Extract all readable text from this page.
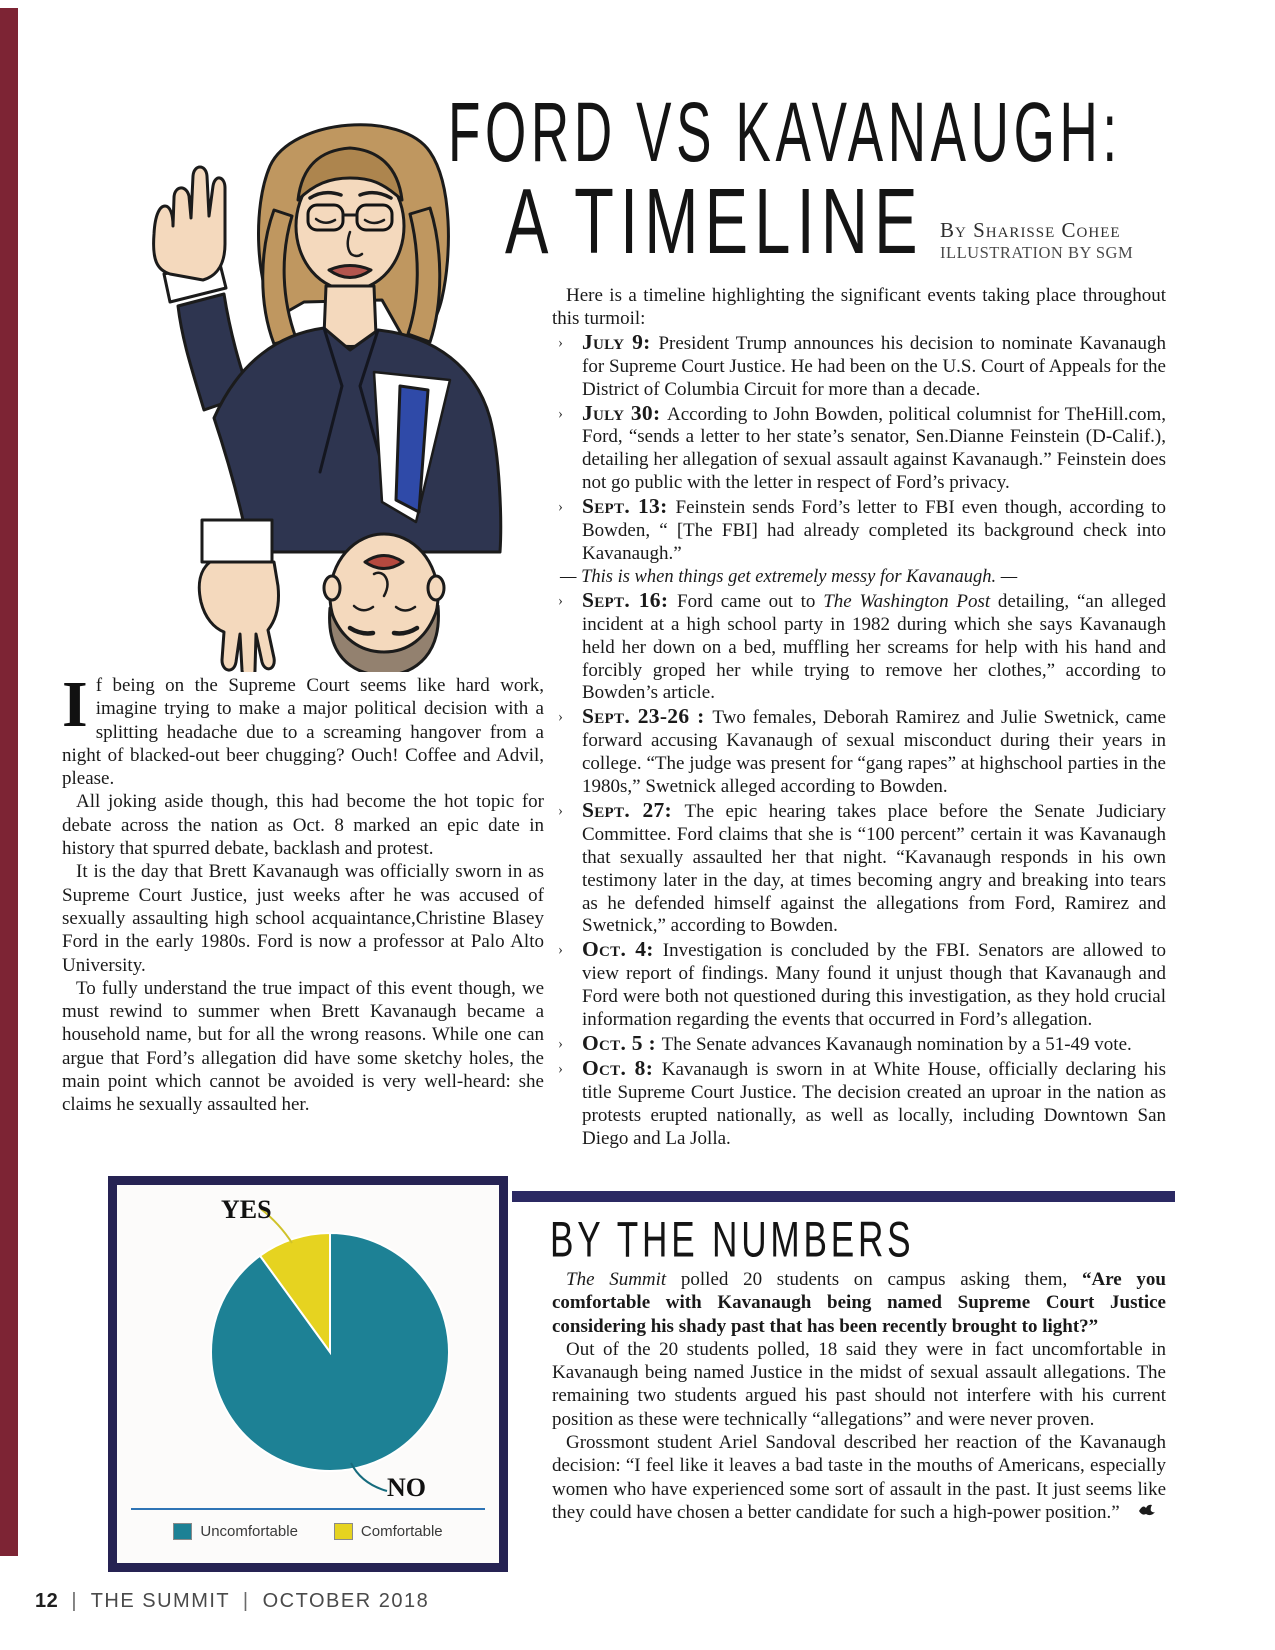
FORD VS KAVANAUGH:
A TIMELINE By Sharisse Cohee
ILLUSTRATION BY SGM

Here is a timeline highlighting the significant events taking place throughout this turmoil:

› July 9: President Trump announces his decision to nominate Kavanaugh for Supreme Court Justice. He had been on the U.S. Court of Appeals for the District of Columbia Circuit for more than a decade.
› July 30: According to John Bowden, political columnist for TheHill.com, Ford, “sends a letter to her state’s senator, Sen.Dianne Feinstein (D-Calif.), detailing her allegation of sexual assault against Kavanaugh.” Feinstein does not go public with the letter in respect of Ford’s privacy.
› Sept. 13: Feinstein sends Ford’s letter to FBI even though, according to Bowden, “ [The FBI] had already completed its background check into Kavanaugh.”

— This is when things get extremely messy for Kavanaugh. —

› Sept. 16: Ford came out to The Washington Post detailing, “an alleged incident at a high school party in 1982 during which she says Kavanaugh held her down on a bed, muffling her screams for help with his hand and forcibly groped her while trying to remove her clothes,” according to Bowden’s article.
› Sept. 23-26 : Two females, Deborah Ramirez and Julie Swetnick, came forward accusing Kavanaugh of sexual misconduct during their years in college. “The judge was present for “gang rapes” at highschool parties in the 1980s,” Swetnick alleged according to Bowden.
› Sept. 27: The epic hearing takes place before the Senate Judiciary Committee. Ford claims that she is “100 percent” certain it was Kavanaugh that sexually assaulted her that night. “Kavanaugh responds in his own testimony later in the day, at times becoming angry and breaking into tears as he defended himself against the allegations from Ford, Ramirez and Swetnick,” according to Bowden.
› Oct. 4: Investigation is concluded by the FBI. Senators are allowed to view report of findings. Many found it unjust though that Kavanaugh and Ford were both not questioned during this investigation, as they hold crucial information regarding the events that occurred in Ford’s allegation.
› Oct. 5 : The Senate advances Kavanaugh nomination by a 51-49 vote.
› Oct. 8: Kavanaugh is sworn in at White House, officially declaring his title Supreme Court Justice. The decision created an uproar in the nation as protests erupted nationally, as well as locally, including Downtown San Diego and La Jolla.

If being on the Supreme Court seems like hard work, imagine trying to make a major political decision with a splitting headache due to a screaming hangover from a night of blacked-out beer chugging? Ouch! Coffee and Advil, please.

All joking aside though, this had become the hot topic for debate across the nation as Oct. 8 marked an epic date in history that spurred debate, backlash and protest.

It is the day that Brett Kavanaugh was officially sworn in as Supreme Court Justice, just weeks after he was accused of sexually assaulting high school acquaintance,Christine Blasey Ford in the early 1980s. Ford is now a professor at Palo Alto University.

To fully understand the true impact of this event though, we must rewind to summer when Brett Kavanaugh became a household name, but for all the wrong reasons. While one can argue that Ford’s allegation did have some sketchy holes, the main point which cannot be avoided is very well-heard: she claims he sexually assaulted her.

YES
NO
Uncomfortable	Comfortable
BY THE NUMBERS

The Summit polled 20 students on campus asking them, “Are you comfortable with Kavanaugh being named Supreme Court Justice considering his shady past that has been recently brought to light?”

Out of the 20 students polled, 18 said they were in fact uncomfortable in Kavanaugh being named Justice in the midst of sexual assault allegations. The remaining two students argued his past should not interfere with his current position as these were technically “allegations” and were never proven.

Grossmont student Ariel Sandoval described her reaction of the Kavanaugh decision: “I feel like it leaves a bad taste in the mouths of Americans, especially women who have experienced some sort of assault in the past. It just seems like they could have chosen a better candidate for such a high-power position.”

12 | THE SUMMIT | OCTOBER 2018
